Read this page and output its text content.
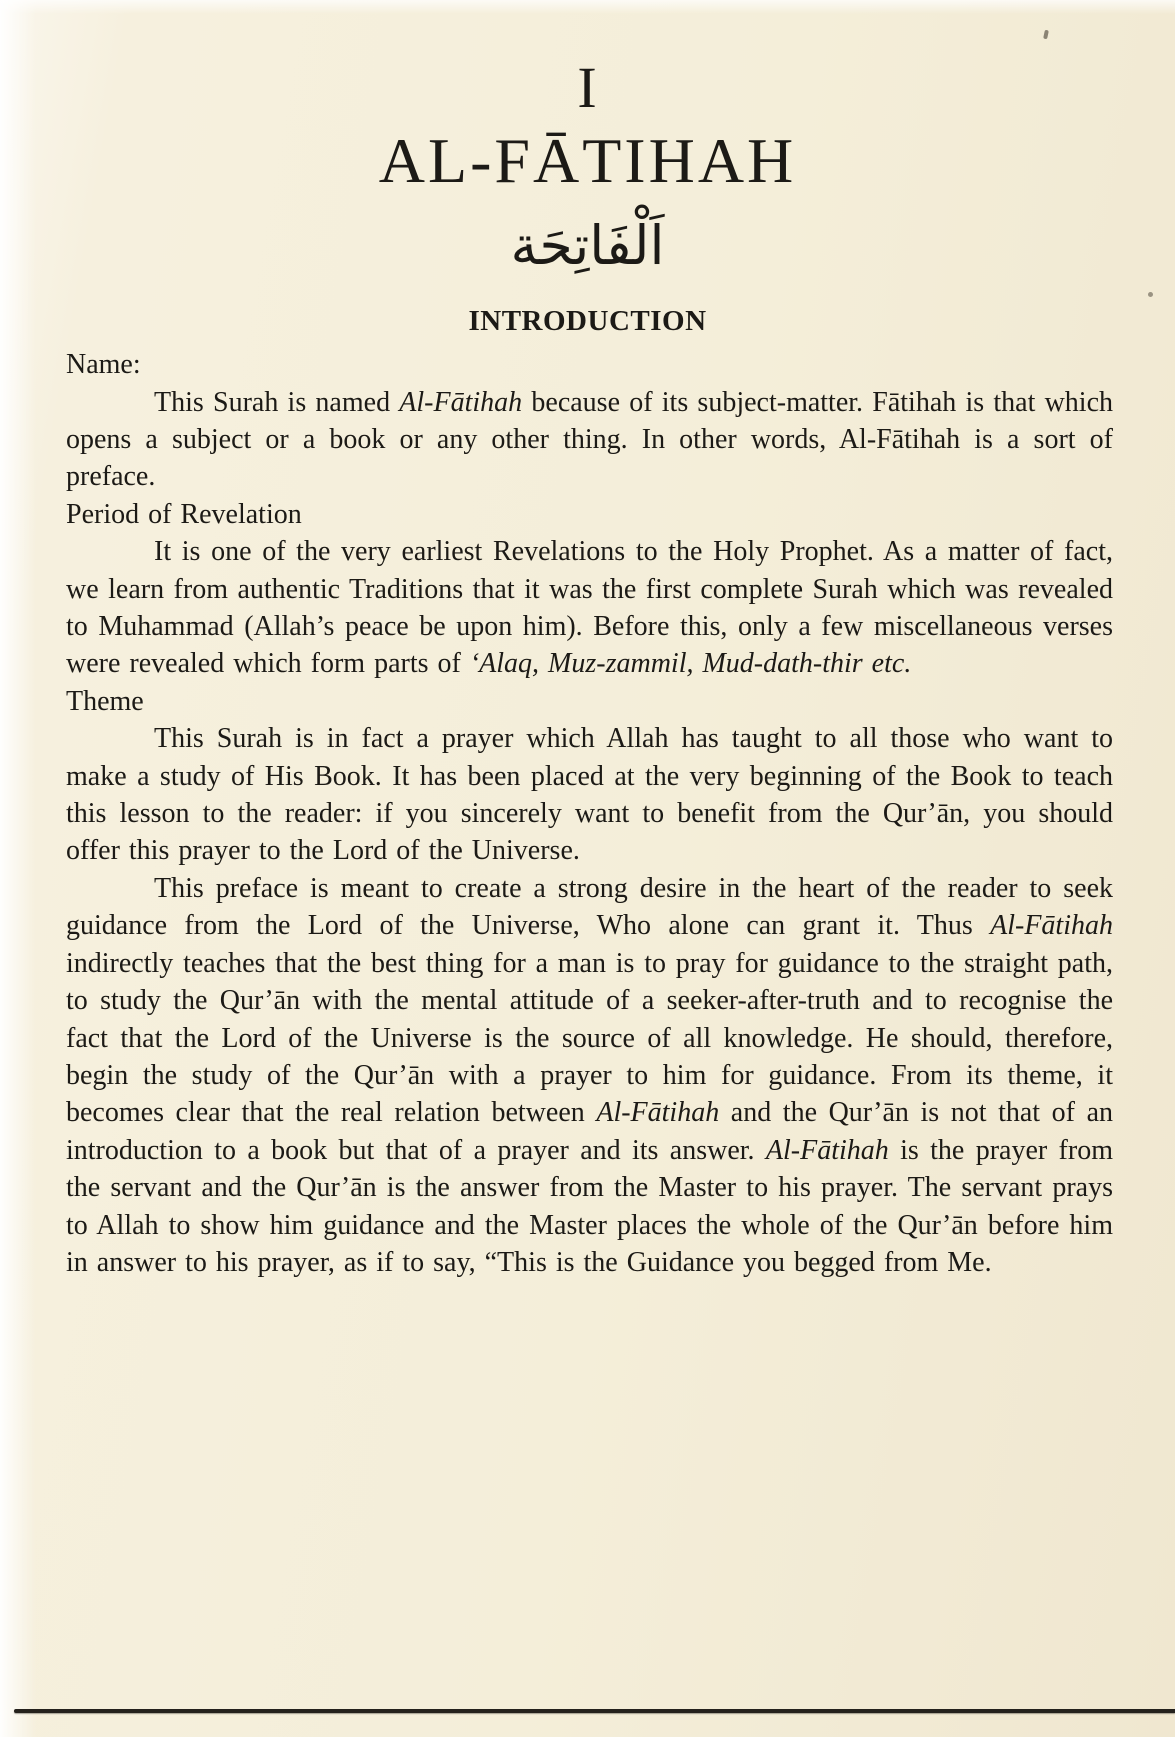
I
AL-FĀTIHAH
اَلْفَاتِحَة
INTRODUCTION
Name:

This Surah is named Al-Fātihah because of its subject-matter. Fātihah is that which opens a subject or a book or any other thing. In other words, Al-Fātihah is a sort of preface.

Period of Revelation

It is one of the very earliest Revelations to the Holy Prophet. As a matter of fact, we learn from authentic Traditions that it was the first complete Surah which was revealed to Muhammad (Allah’s peace be upon him). Before this, only a few miscellaneous verses were revealed which form parts of ‘Alaq, Muz-zammil, Mud-dath-thir etc.

Theme

This Surah is in fact a prayer which Allah has taught to all those who want to make a study of His Book. It has been placed at the very beginning of the Book to teach this lesson to the reader: if you sincerely want to benefit from the Qur’ān, you should offer this prayer to the Lord of the Universe.

This preface is meant to create a strong desire in the heart of the reader to seek guidance from the Lord of the Universe, Who alone can grant it. Thus Al-Fātihah indirectly teaches that the best thing for a man is to pray for guidance to the straight path, to study the Qur’ān with the mental attitude of a seeker-after-truth and to recognise the fact that the Lord of the Universe is the source of all knowledge. He should, therefore, begin the study of the Qur’ān with a prayer to him for guidance. From its theme, it becomes clear that the real relation between Al-Fātihah and the Qur’ān is not that of an introduction to a book but that of a prayer and its answer. Al-Fātihah is the prayer from the servant and the Qur’ān is the answer from the Master to his prayer. The servant prays to Allah to show him guidance and the Master places the whole of the Qur’ān before him in answer to his prayer, as if to say, “This is the Guidance you begged from Me.
